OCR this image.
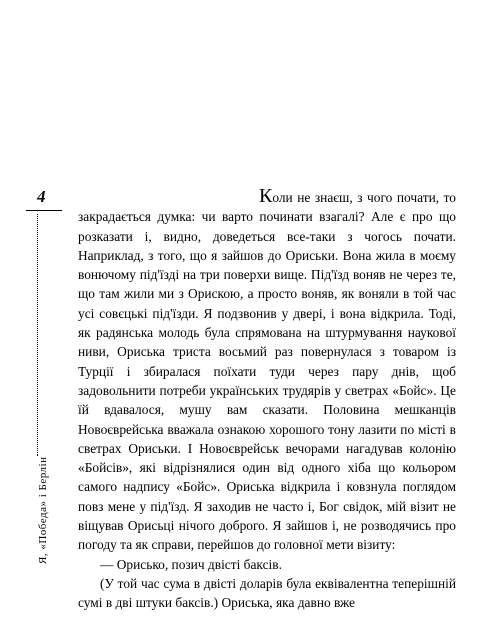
4
Я, «Победа» і Берлін

Коли не знаєш, з чого почати, то закрадається думка: чи варто починати взагалі? Але є про що розказати і, видно, доведеться все-таки з чогось почати. Наприклад, з того, що я зайшов до Ориськи. Вона жила в моєму вонючому під'їзді на три поверхи вище. Під'їзд воняв не через те, що там жили ми з Орискою, а просто воняв, як воняли в той час усі совєцькі під'їзди. Я подзвонив у двері, і вона відкрила. Тоді, як радянська молодь була спрямована на штурмування наукової ниви, Ориська триста восьмий раз повернулася з товаром із Турції і збиралася поїхати туди через пару днів, щоб задовольнити потреби українських трудярів у светрах «Бойс». Це їй вдавалося, мушу вам сказати. Половина мешканців Новоєврейська вважала ознакою хорошого тону лазити по місті в светрах Ориськи. І Новоєврейськ вечорами нагадував колонію «Бойсів», які відрізнялися один від одного хіба що кольором самого надпису «Бойс». Ориська відкрила і ковзнула поглядом повз мене у під'їзд. Я заходив не часто і, Бог свідок, мій візит не віщував Орисьці нічого доброго. Я зайшов і, не розводячись про погоду та як справи, перейшов до головної мети візиту:

— Орисько, позич двісті баксів.

(У той час сума в двісті доларів була еквівалентна теперішній сумі в дві штуки баксів.) Ориська, яка давно вже
